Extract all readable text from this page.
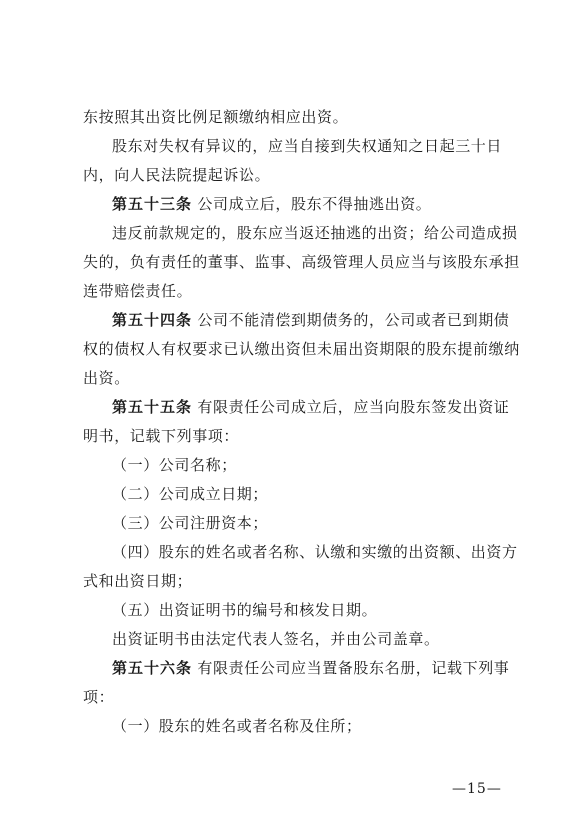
东按照其出资比例足额缴纳相应出资。
股东对失权有异议的，应当自接到失权通知之日起三十日
内，向人民法院提起诉讼。
第五十三条 公司成立后，股东不得抽逃出资。
违反前款规定的，股东应当返还抽逃的出资；给公司造成损
失的，负有责任的董事、监事、高级管理人员应当与该股东承担
连带赔偿责任。
第五十四条 公司不能清偿到期债务的，公司或者已到期债
权的债权人有权要求已认缴出资但未届出资期限的股东提前缴纳
出资。
第五十五条 有限责任公司成立后，应当向股东签发出资证
明书，记载下列事项：
（一）公司名称；
（二）公司成立日期；
（三）公司注册资本；
（四）股东的姓名或者名称、认缴和实缴的出资额、出资方
式和出资日期；
（五）出资证明书的编号和核发日期。
出资证明书由法定代表人签名，并由公司盖章。
第五十六条 有限责任公司应当置备股东名册，记载下列事
项：
（一）股东的姓名或者名称及住所；
—15—
